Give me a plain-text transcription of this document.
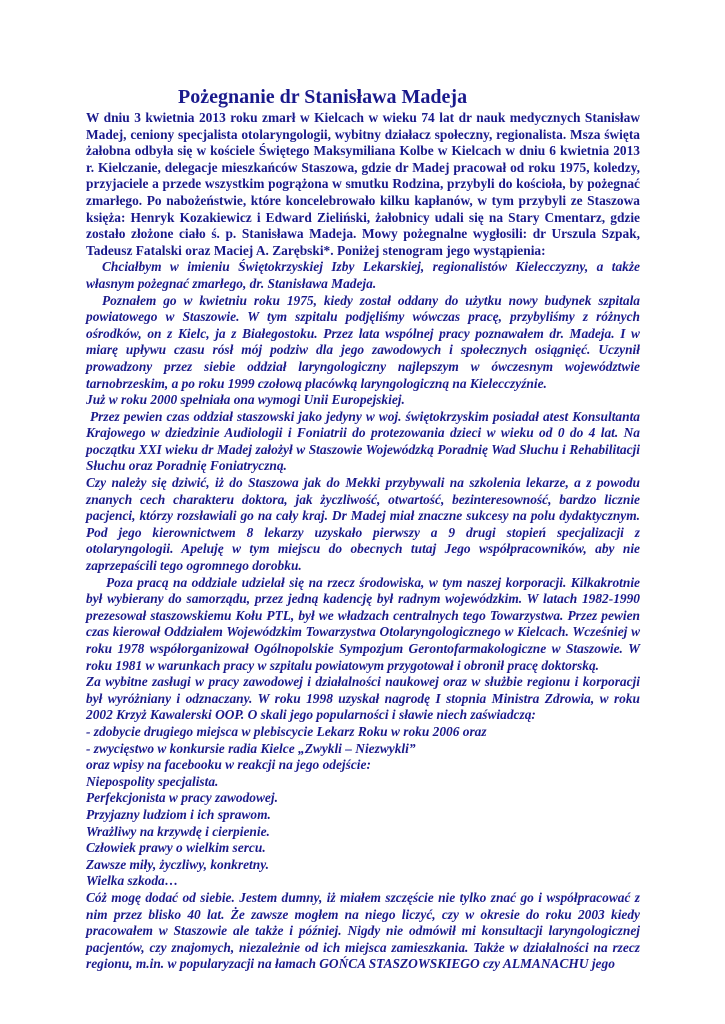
Pożegnanie dr Stanisława Madeja

W dniu 3 kwietnia 2013 roku zmarł w Kielcach w wieku 74 lat dr nauk medycznych Stanisław Madej, ceniony specjalista otolaryngologii, wybitny działacz społeczny, regionalista. Msza święta żałobna odbyła się w kościele Świętego Maksymiliana Kolbe w Kielcach w dniu 6 kwietnia 2013 r. Kielczanie, delegacje mieszkańców Staszowa, gdzie dr Madej pracował od roku 1975, koledzy, przyjaciele a przede wszystkim pogrążona w smutku Rodzina, przybyli do kościoła, by pożegnać zmarłego. Po nabożeństwie, które koncelebrowało kilku kapłanów, w tym przybyli ze Staszowa księża: Henryk Kozakiewicz i Edward Zieliński, żałobnicy udali się na Stary Cmentarz, gdzie zostało złożone ciało ś. p. Stanisława Madeja. Mowy pożegnalne wygłosili: dr Urszula Szpak, Tadeusz Fatalski oraz Maciej A. Zarębski*. Poniżej stenogram jego wystąpienia:

Chciałbym w imieniu Świętokrzyskiej Izby Lekarskiej, regionalistów Kielecczyzny, a także własnym pożegnać zmarłego, dr. Stanisława Madeja.

Poznałem go w kwietniu roku 1975, kiedy został oddany do użytku nowy budynek szpitala powiatowego w Staszowie. W tym szpitalu podjęliśmy wówczas pracę, przybyliśmy z różnych ośrodków, on z Kielc, ja z Białegostoku. Przez lata wspólnej pracy poznawałem dr. Madeja. I w miarę upływu czasu rósł mój podziw dla jego zawodowych i społecznych osiągnięć. Uczynił prowadzony przez siebie oddział laryngologiczny najlepszym w ówczesnym województwie tarnobrzeskim, a po roku 1999 czołową placówką laryngologiczną na Kielecczyźnie.

Już w roku 2000 spełniała ona wymogi Unii Europejskiej.

Przez pewien czas oddział staszowski jako jedyny w woj. świętokrzyskim posiadał atest Konsultanta Krajowego w dziedzinie Audiologii i Foniatrii do protezowania dzieci w wieku od 0 do 4 lat. Na początku XXI wieku dr Madej założył w Staszowie Wojewódzką Poradnię Wad Słuchu i Rehabilitacji Słuchu oraz Poradnię Foniatryczną.

Czy należy się dziwić, iż do Staszowa jak do Mekki przybywali na szkolenia lekarze, a z powodu znanych cech charakteru doktora, jak życzliwość, otwartość, bezinteresowność, bardzo licznie pacjenci, którzy rozsławiali go na cały kraj. Dr Madej miał znaczne sukcesy na polu dydaktycznym. Pod jego kierownictwem 8 lekarzy uzyskało pierwszy a 9 drugi stopień specjalizacji z otolaryngologii. Apeluję w tym miejscu do obecnych tutaj Jego współpracowników, aby nie zaprzepaścili tego ogromnego dorobku.

Poza pracą na oddziale udzielał się na rzecz środowiska, w tym naszej korporacji. Kilkakrotnie był wybierany do samorządu, przez jedną kadencję był radnym wojewódzkim. W latach 1982-1990 prezesował staszowskiemu Kołu PTL, był we władzach centralnych tego Towarzystwa. Przez pewien czas kierował Oddziałem Wojewódzkim Towarzystwa Otolaryngologicznego w Kielcach. Wcześniej w roku 1978 współorganizował Ogólnopolskie Sympozjum Gerontofarmakologiczne w Staszowie. W roku 1981 w warunkach pracy w szpitalu powiatowym przygotował i obronił pracę doktorską.

Za wybitne zasługi w pracy zawodowej i działalności naukowej oraz w służbie regionu i korporacji był wyróżniany i odznaczany. W roku 1998 uzyskał nagrodę I stopnia Ministra Zdrowia, w roku 2002 Krzyż Kawalerski OOP. O skali jego popularności i sławie niech zaświadczą:

- zdobycie drugiego miejsca w plebiscycie Lekarz Roku w roku 2006 oraz

- zwycięstwo w konkursie radia Kielce „Zwykli – Niezwykli”

oraz wpisy na facebooku w reakcji na jego odejście:

Niepospolity specjalista.

Perfekcjonista w pracy zawodowej.

Przyjazny ludziom i ich sprawom.

Wrażliwy na krzywdę i cierpienie.

Człowiek prawy o wielkim sercu.

Zawsze miły, życzliwy, konkretny.

Wielka szkoda…

Cóż mogę dodać od siebie. Jestem dumny, iż miałem szczęście nie tylko znać go i współpracować z nim przez blisko 40 lat. Że zawsze mogłem na niego liczyć, czy w okresie do roku 2003 kiedy pracowałem w Staszowie ale także i później. Nigdy nie odmówił mi konsultacji laryngologicznej pacjentów, czy znajomych, niezależnie od ich miejsca zamieszkania. Także w działalności na rzecz regionu, m.in. w popularyzacji na łamach GOŃCA STASZOWSKIEGO czy ALMANACHU jego
